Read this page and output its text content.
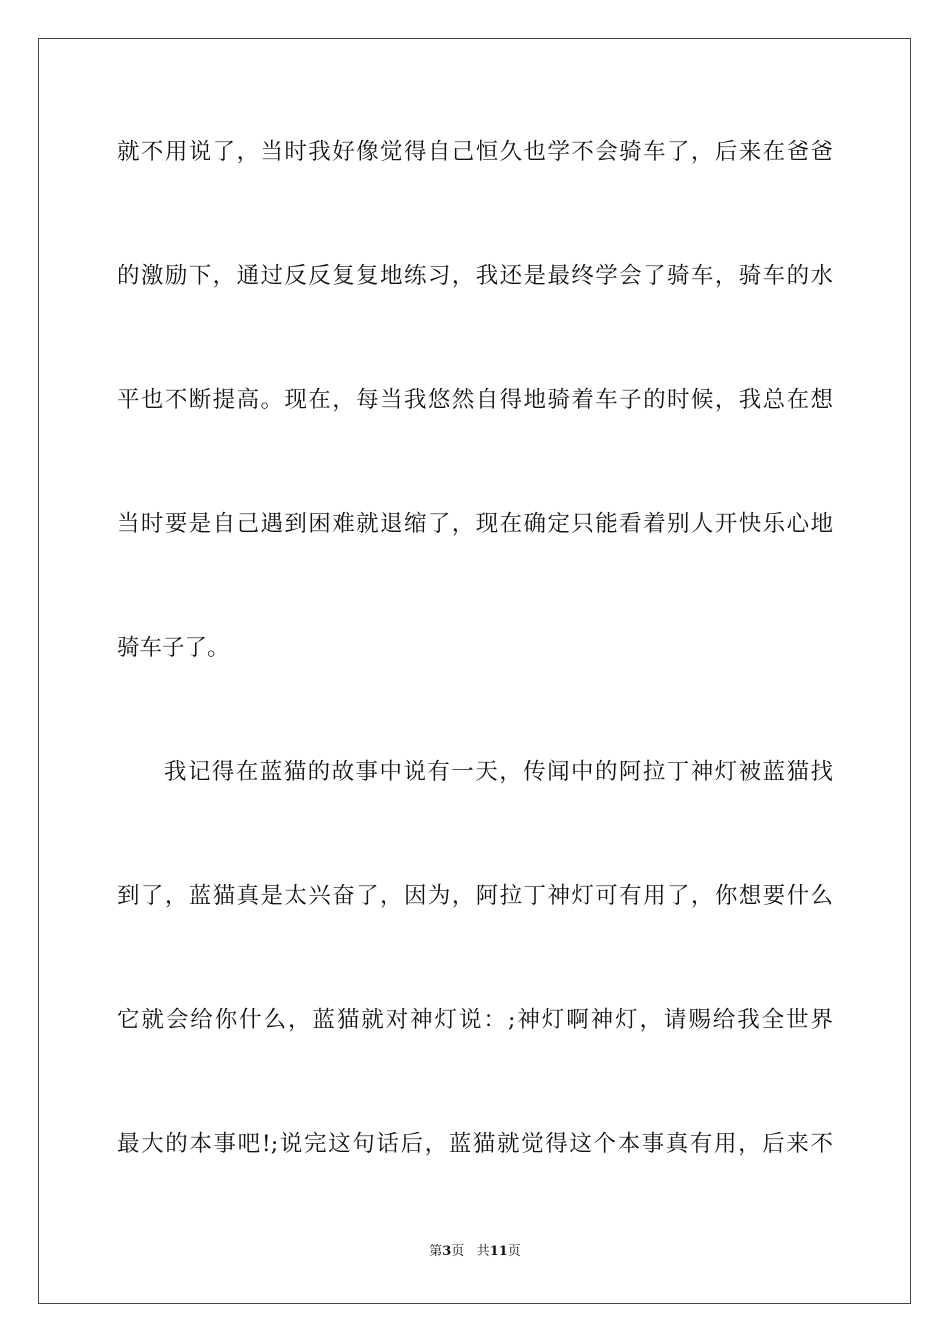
就不用说了，当时我好像觉得自己恒久也学不会骑车了，后来在爸爸
的激励下，通过反反复复地练习，我还是最终学会了骑车，骑车的水
平也不断提高。现在，每当我悠然自得地骑着车子的时候，我总在想
当时要是自己遇到困难就退缩了，现在确定只能看着别人开快乐心地
骑车子了。
我记得在蓝猫的故事中说有一天，传闻中的阿拉丁神灯被蓝猫找
到了，蓝猫真是太兴奋了，因为，阿拉丁神灯可有用了，你想要什么
它就会给你什么，蓝猫就对神灯说：;神灯啊神灯，请赐给我全世界
最大的本事吧!;说完这句话后，蓝猫就觉得这个本事真有用，后来不
第3页 共11页
